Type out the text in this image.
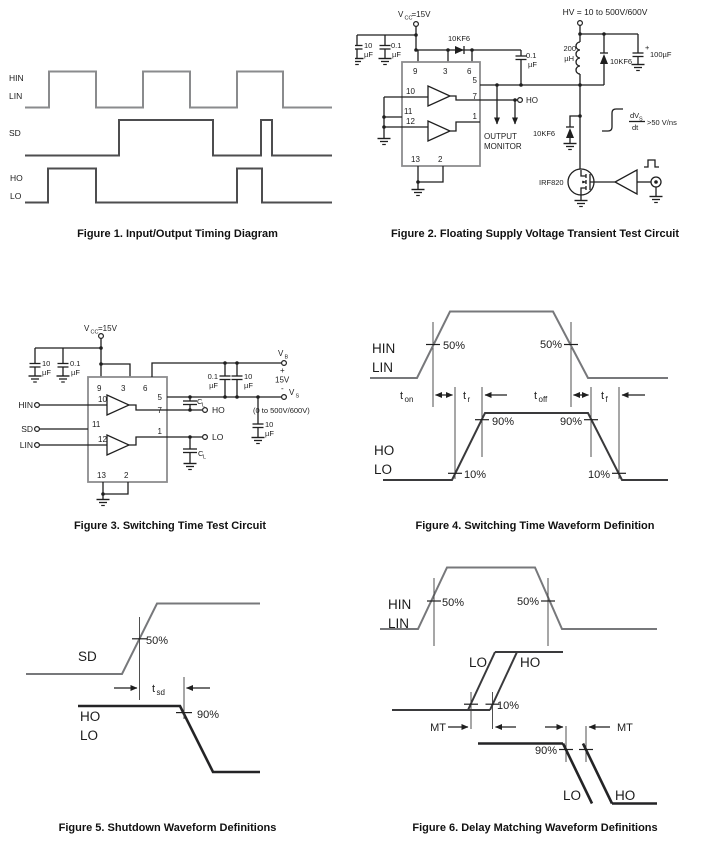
HIN
LIN
SD
HO
LO
V CC =15V
10
µF
0.1
µF
10KF6
0.1
µF
9	3 6
10
11
12
5
7
1
13 2
HO
OUTPUT
MONITOR
HV = 10 to 500V/600V
200
µH	10KF6
+
100µF
10KF6
dV S
dt
>50 V/ns
IRF820
V CC =15V
10
µF
0.1
µF
9 3 6
10
11
12
5
7
1
13 2
HIN
SD
LIN
HO
C L
LO
C L
V B
V S
+
15V
-
(0 to 500V/600V)
0.1
µF
10
µF
10
µF
HIN
LIN
HO
LO
50%	50%
90%	90%
10%	10%
t on	t r	t off	t f
SD
HO
LO
50%
90%
t sd
HIN
LIN
50%	50%
LO HO
10%
MT	MT
90%
LO	HO
Figure 1. Input/Output Timing Diagram	Figure 2. Floating Supply Voltage Transient Test Circuit
Figure 3. Switching Time Test Circuit	Figure 4. Switching Time Waveform Definition
Figure 5. Shutdown Waveform Definitions	Figure 6. Delay Matching Waveform Definitions
